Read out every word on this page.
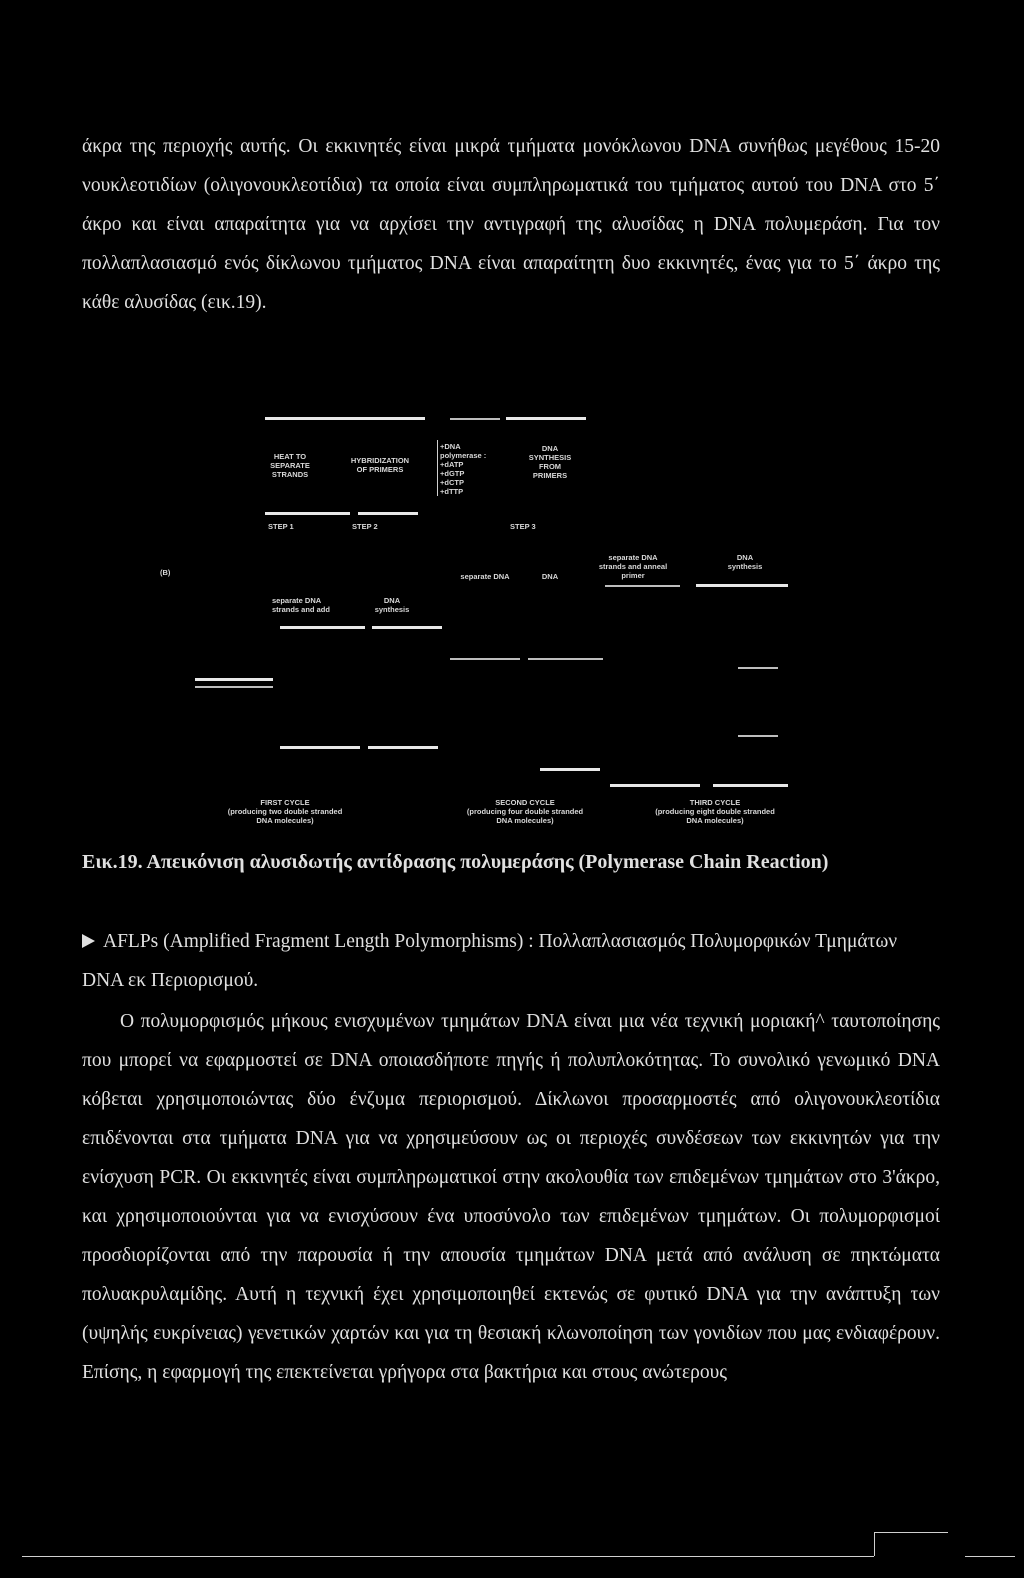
άκρα της περιοχής αυτής. Οι εκκινητές είναι μικρά τμήματα μονόκλωνου DNA συνήθως μεγέθους 15-20 νουκλεοτιδίων (ολιγονουκλεοτίδια) τα οποία είναι συμπληρωματικά του τμήματος αυτού του DNA στο 5΄ άκρο και είναι απαραίτητα για να αρχίσει την αντιγραφή της αλυσίδας η DNA πολυμεράση. Για τον πολλαπλασιασμό ενός δίκλωνου τμήματος DNA είναι απαραίτητη δυο εκκινητές, ένας για το 5΄ άκρο της κάθε αλυσίδας (εικ.19).

HEAT TO
SEPARATE
STRANDS
HYBRIDIZATION
OF PRIMERS
+DNA polymerase :
+dATP
+dGTP
+dCTP
+dTTP
DNA
SYNTHESIS
FROM
PRIMERS
STEP 1	STEP 2	STEP 3
(B)	separate DNA	DNA
separate DNA
strands and anneal
primer
DNA
synthesis
separate DNA
strands and add
DNA
synthesis
FIRST CYCLE
(producing two double stranded
DNA molecules)
SECOND CYCLE
(producing four double stranded
DNA molecules)
THIRD CYCLE
(producing eight double stranded
DNA molecules)

Εικ.19. Απεικόνιση αλυσιδωτής αντίδρασης πολυμεράσης (Polymerase Chain Reaction)

AFLPs (Amplified Fragment Length Polymorphisms) : Πολλαπλασιασμός Πολυμορφικών Τμημάτων DNA εκ Περιορισμού.

Ο πολυμορφισμός μήκους ενισχυμένων τμημάτων DNA είναι μια νέα τεχνική μοριακή^ ταυτοποίησης που μπορεί να εφαρμοστεί σε DNA οποιασδήποτε πηγής ή πολυπλοκότητας. Το συνολικό γενωμικό DNA κόβεται χρησιμοποιώντας δύο ένζυμα περιορισμού. Δίκλωνοι προσαρμοστές από ολιγονουκλεοτίδια επιδένονται στα τμήματα DNA για να χρησιμεύσουν ως οι περιοχές συνδέσεων των εκκινητών για την ενίσχυση PCR. Οι εκκινητές είναι συμπληρωματικοί στην ακολουθία των επιδεμένων τμημάτων στο 3'άκρο, και χρησιμοποιούνται για να ενισχύσουν ένα υποσύνολο των επιδεμένων τμημάτων. Οι πολυμορφισμοί προσδιορίζονται από την παρουσία ή την απουσία τμημάτων DNA μετά από ανάλυση σε πηκτώματα πολυακρυλαμίδης. Αυτή η τεχνική έχει χρησιμοποιηθεί εκτενώς σε φυτικό DNA για την ανάπτυξη των (υψηλής ευκρίνειας) γενετικών χαρτών και για τη θεσιακή κλωνοποίηση των γονιδίων που μας ενδιαφέρουν. Επίσης, η εφαρμογή της επεκτείνεται γρήγορα στα βακτήρια και στους ανώτερους
